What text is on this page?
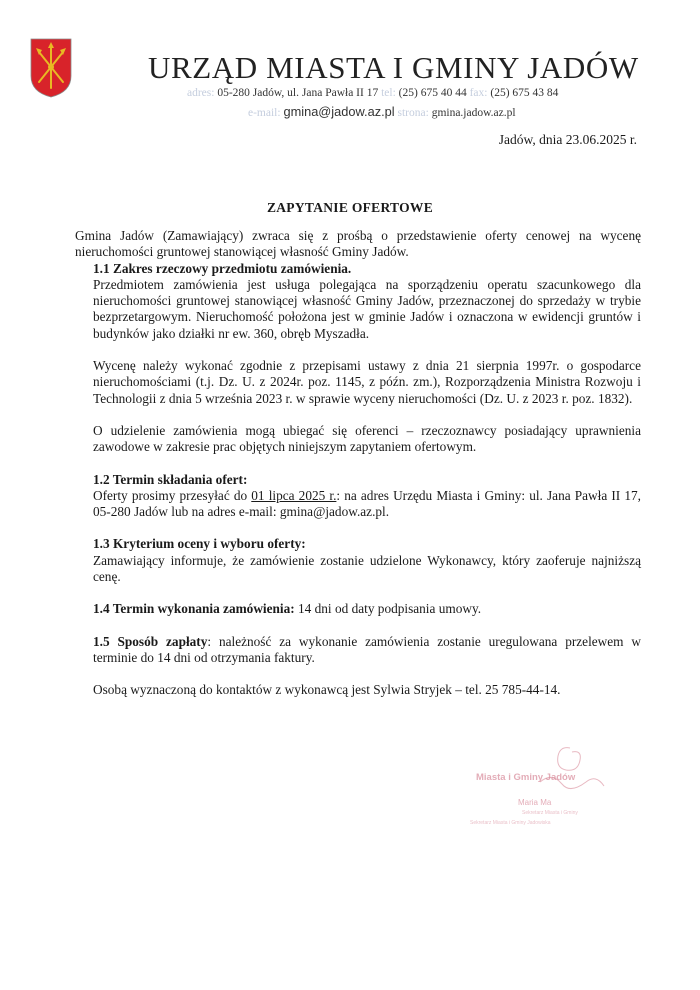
URZĄD MIASTA I GMINY JADÓW
adres: 05-280 Jadów, ul. Jana Pawła II 17 tel: (25) 675 40 44 fax: (25) 675 43 84
e-mail: gmina@jadow.az.pl strona: gmina.jadow.az.pl
Jadów, dnia 23.06.2025 r.
ZAPYTANIE OFERTOWE

Gmina Jadów (Zamawiający) zwraca się z prośbą o przedstawienie oferty cenowej na wycenę nieruchomości gruntowej stanowiącej własność Gminy Jadów.

1.1 Zakres rzeczowy przedmiotu zamówienia.

Przedmiotem zamówienia jest usługa polegająca na sporządzeniu operatu szacunkowego dla nieruchomości gruntowej stanowiącej własność Gminy Jadów, przeznaczonej do sprzedaży w trybie bezprzetargowym. Nieruchomość położona jest w gminie Jadów i oznaczona w ewidencji gruntów i budynków jako działki nr ew. 360, obręb Myszadła.

Wycenę należy wykonać zgodnie z przepisami ustawy z dnia 21 sierpnia 1997r. o gospodarce nieruchomościami (t.j. Dz. U. z 2024r. poz. 1145, z późn. zm.), Rozporządzenia Ministra Rozwoju i Technologii z dnia 5 września 2023 r. w sprawie wyceny nieruchomości (Dz. U. z 2023 r. poz. 1832).

O udzielenie zamówienia mogą ubiegać się oferenci – rzeczoznawcy posiadający uprawnienia zawodowe w zakresie prac objętych niniejszym zapytaniem ofertowym.

1.2 Termin składania ofert:

Oferty prosimy przesyłać do 01 lipca 2025 r.: na adres Urzędu Miasta i Gminy: ul. Jana Pawła II 17, 05-280 Jadów lub na adres e-mail: gmina@jadow.az.pl.

1.3 Kryterium oceny i wyboru oferty:

Zamawiający informuje, że zamówienie zostanie udzielone Wykonawcy, który zaoferuje najniższą cenę.

1.4 Termin wykonania zamówienia: 14 dni od daty podpisania umowy.

1.5 Sposób zapłaty: należność za wykonanie zamówienia zostanie uregulowana przelewem w terminie do 14 dni od otrzymania faktury.

Osobą wyznaczoną do kontaktów z wykonawcą jest Sylwia Stryjek – tel. 25 785-44-14.

Miasta i Gminy Jadów
Maria Ma
Sekretarz Miasta i Gminy
Sekretarz Miasta i Gminy Jadowiska
